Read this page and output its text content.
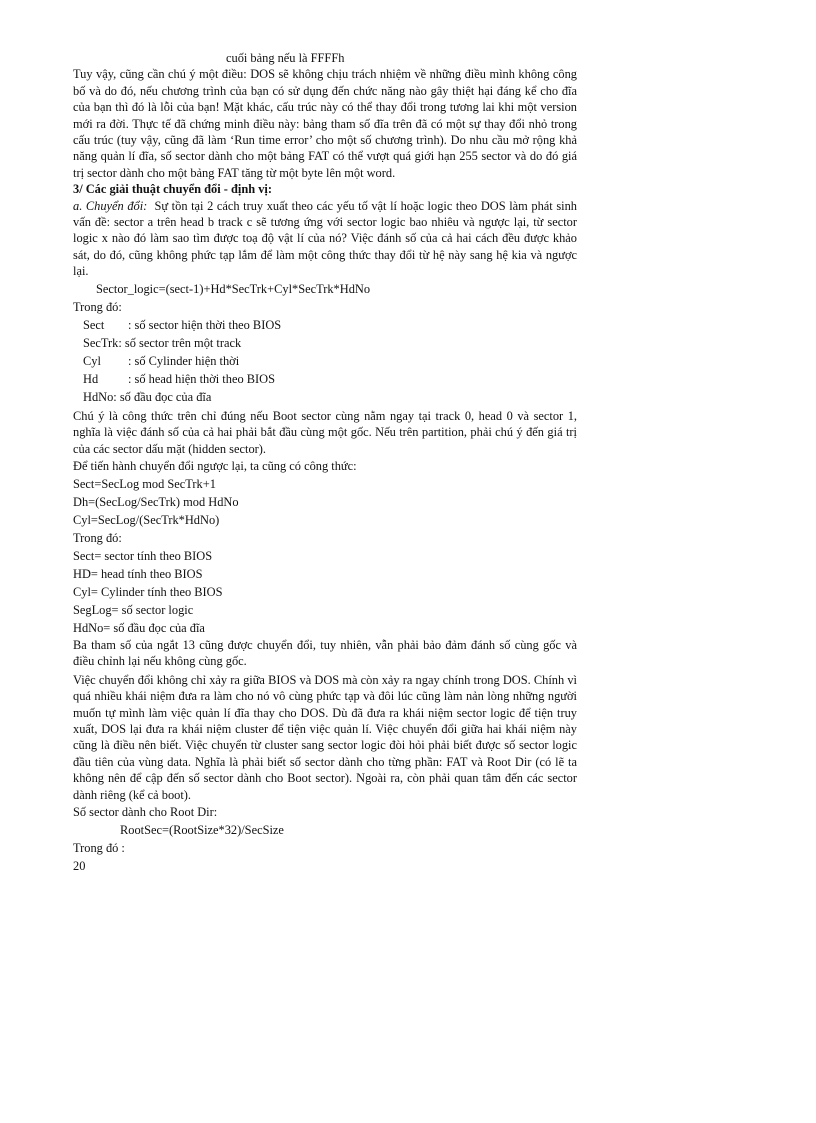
cuối bảng nếu là FFFFh

Tuy vậy, cũng cần chú ý một điều: DOS sẽ không chịu trách nhiệm về những điều mình không công bố và do đó, nếu chương trình của bạn có sử dụng đến chức năng nào gây thiệt hại đáng kể cho đĩa của bạn thì đó là lỗi của bạn! Mặt khác, cấu trúc này có thể thay đổi trong tương lai khi một version mới ra đời. Thực tế đã chứng minh điều này: bảng tham số đĩa trên đã có một sự thay đổi nhỏ trong cấu trúc (tuy vậy, cũng đã làm ‘Run time error’ cho một số chương trình). Do nhu cầu mở rộng khả năng quản lí đĩa, số sector dành cho một bảng FAT có thể vượt quá giới hạn 255 sector và do đó giá trị sector dành cho một bảng FAT tăng từ một byte lên một word.

3/ Các giải thuật chuyển đổi - định vị:

a. Chuyển đổi: Sự tồn tại 2 cách truy xuất theo các yếu tố vật lí hoặc logic theo DOS làm phát sinh vấn đề: sector a trên head b track c sẽ tương ứng với sector logic bao nhiêu và ngược lại, từ sector logic x nào đó làm sao tìm được toạ độ vật lí của nó? Việc đánh số của cả hai cách đều được khảo sát, do đó, cũng không phức tạp lắm để làm một công thức thay đổi từ hệ này sang hệ kia và ngược lại.

Sector_logic=(sect-1)+Hd*SecTrk+Cyl*SecTrk*HdNo

Trong đó:

Sect	: số sector hiện thời theo BIOS
SecTrk : số sector trên một track
Cyl	: số Cylinder hiện thời
Hd	: số head hiện thời theo BIOS
HdNo : số đầu đọc của đĩa

Chú ý là công thức trên chỉ đúng nếu Boot sector cùng nằm ngay tại track 0, head 0 và sector 1, nghĩa là việc đánh số của cả hai phải bắt đầu cùng một gốc. Nếu trên partition, phải chú ý đến giá trị của các sector dấu mặt (hidden sector).

Để tiến hành chuyển đổi ngược lại, ta cũng có công thức:

Sect=SecLog mod SecTrk+1

Dh=(SecLog/SecTrk) mod HdNo

Cyl=SecLog/(SecTrk*HdNo)

Trong đó:

Sect= sector tính theo BIOS

HD= head tính theo BIOS

Cyl= Cylinder tính theo BIOS

SegLog= số sector logic

HdNo= số đầu đọc của đĩa

Ba tham số của ngắt 13 cũng được chuyển đổi, tuy nhiên, vẫn phải bảo đảm đánh số cùng gốc và điều chỉnh lại nếu không cùng gốc.

Việc chuyển đổi không chỉ xảy ra giữa BIOS và DOS mà còn xảy ra ngay chính trong DOS. Chính vì quá nhiều khái niệm đưa ra làm cho nó vô cùng phức tạp và đôi lúc cũng làm nản lòng những người muốn tự mình làm việc quản lí đĩa thay cho DOS. Dù đã đưa ra khái niệm sector logic để tiện truy xuất, DOS lại đưa ra khái niệm cluster để tiện việc quản lí. Việc chuyển đổi giữa hai khái niệm này cũng là điều nên biết. Việc chuyển từ cluster sang sector logic đòi hỏi phải biết được số sector logic đầu tiên của vùng data. Nghĩa là phải biết số sector dành cho từng phần: FAT và Root Dir (có lẽ ta không nên để cập đến số sector dành cho Boot sector). Ngoài ra, còn phải quan tâm đến các sector dành riêng (kể cả boot).

Số sector dành cho Root Dir:

RootSec=(RootSize*32)/SecSize

Trong đó :

20
